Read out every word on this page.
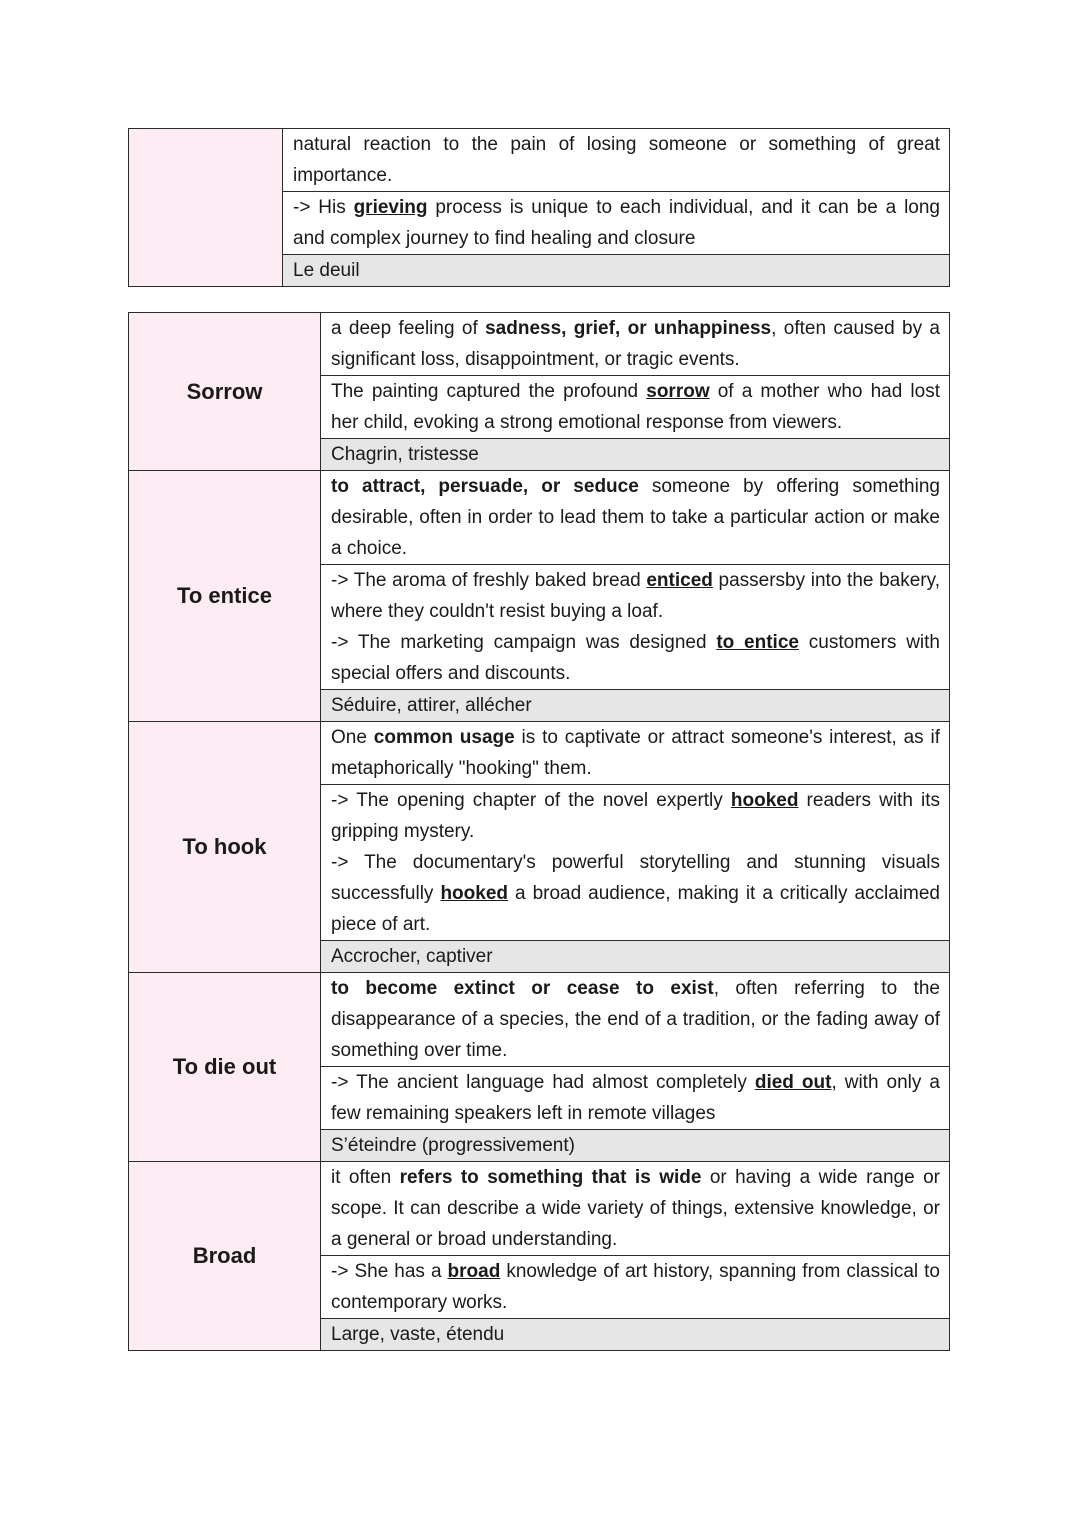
natural reaction to the pain of losing someone or something of great importance.
-> His grieving process is unique to each individual, and it can be a long and complex journey to find healing and closure
Le deuil
Sorrow	a deep feeling of sadness, grief, or unhappiness, often caused by a significant loss, disappointment, or tragic events.
The painting captured the profound sorrow of a mother who had lost her child, evoking a strong emotional response from viewers.
Chagrin, tristesse

To entice	to attract, persuade, or seduce someone by offering something desirable, often in order to lead them to take a particular action or make a choice.
-> The aroma of freshly baked bread enticed passersby into the bakery, where they couldn't resist buying a loaf.
-> The marketing campaign was designed to entice customers with special offers and discounts.
Séduire, attirer, allécher

To hook	One common usage is to captivate or attract someone's interest, as if metaphorically "hooking" them.
-> The opening chapter of the novel expertly hooked readers with its gripping mystery.
-> The documentary's powerful storytelling and stunning visuals successfully hooked a broad audience, making it a critically acclaimed piece of art.
Accrocher, captiver

To die out	to become extinct or cease to exist, often referring to the disappearance of a species, the end of a tradition, or the fading away of something over time.
-> The ancient language had almost completely died out, with only a few remaining speakers left in remote villages
S’éteindre (progressivement)

Broad	it often refers to something that is wide or having a wide range or scope. It can describe a wide variety of things, extensive knowledge, or a general or broad understanding.
-> She has a broad knowledge of art history, spanning from classical to contemporary works.
Large, vaste, étendu
